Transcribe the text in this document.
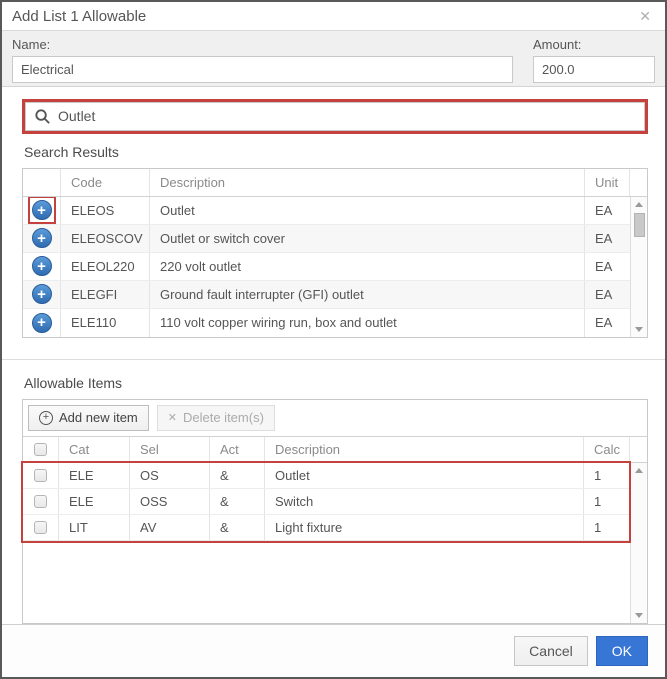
Add List 1 Allowable	✕
Name:
Electrical
Amount:
200.0
Outlet
Search Results
Code	Description	Unit
+	ELEOS	Outlet	EA
+	ELEOSCOV	Outlet or switch cover	EA
+	ELEOL220	220 volt outlet	EA
+	ELEGFI	Ground fault interrupter (GFI) outlet	EA
+	ELE110	110 volt copper wiring run, box and outlet	EA
Allowable Items
+ Add new item	✕ Delete item(s)
Cat	Sel	Act	Description	Calc
ELE	OS	&	Outlet	1
ELE	OSS	&	Switch	1
LIT	AV	&	Light fixture	1
Cancel	OK
